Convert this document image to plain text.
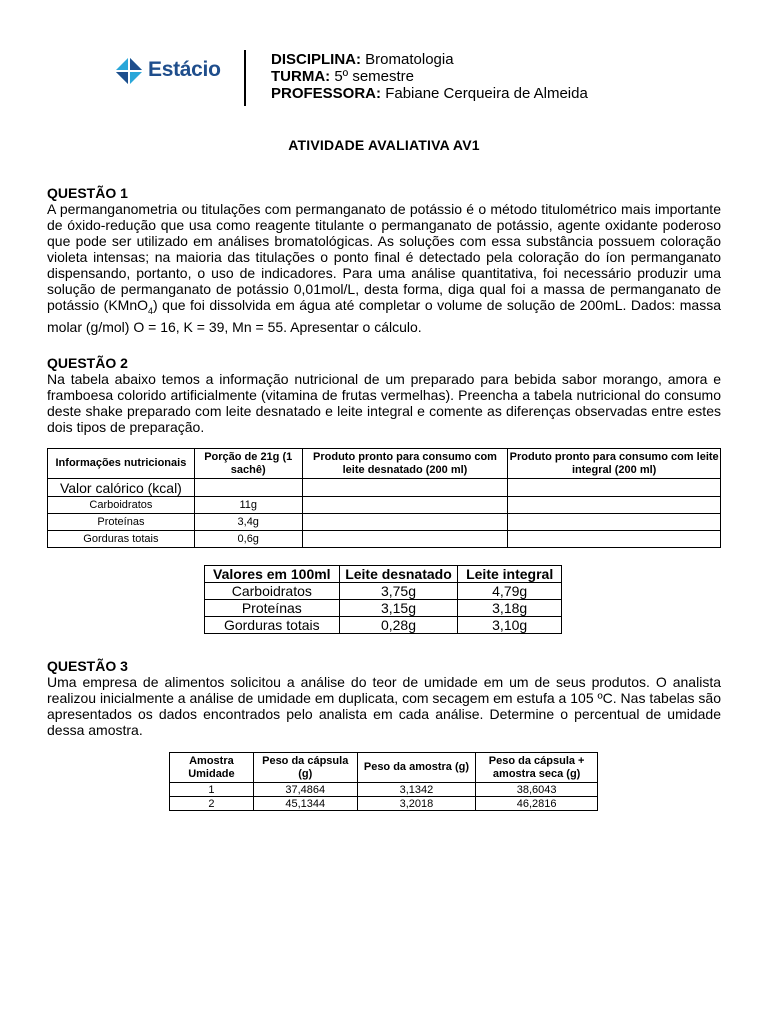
Estácio	DISCIPLINA: Bromatologia
TURMA: 5º semestre
PROFESSORA: Fabiane Cerqueira de Almeida
ATIVIDADE AVALIATIVA AV1
QUESTÃO 1
A permanganometria ou titulações com permanganato de potássio é o método titulométrico mais importante de óxido-redução que usa como reagente titulante o permanganato de potássio, agente oxidante poderoso que pode ser utilizado em análises bromatológicas. As soluções com essa substância possuem coloração violeta intensas; na maioria das titulações o ponto final é detectado pela coloração do íon permanganato dispensando, portanto, o uso de indicadores. Para uma análise quantitativa, foi necessário produzir uma solução de permanganato de potássio 0,01mol/L, desta forma, diga qual foi a massa de permanganato de potássio (KMnO$_4$) que foi dissolvida em água até completar o volume de solução de 200mL. Dados: massa molar (g/mol) O = 16, K = 39, Mn = 55. Apresentar o cálculo.
QUESTÃO 2
Na tabela abaixo temos a informação nutricional de um preparado para bebida sabor morango, amora e framboesa colorido artificialmente (vitamina de frutas vermelhas). Preencha a tabela nutricional do consumo deste shake preparado com leite desnatado e leite integral e comente as diferenças observadas entre estes dois tipos de preparação.
Informações nutricionais	Porção de 21g (1 sachê)	Produto pronto para consumo com leite desnatado (200 ml)	Produto pronto para consumo com leite integral (200 ml)
Valor calórico (kcal)			
Carboidratos	11g		
Proteínas	3,4g		
Gorduras totais	0,6g		
Valores em 100ml	Leite desnatado	Leite integral
Carboidratos	3,75g	4,79g
Proteínas	3,15g	3,18g
Gorduras totais	0,28g	3,10g
QUESTÃO 3
Uma empresa de alimentos solicitou a análise do teor de umidade em um de seus produtos. O analista realizou inicialmente a análise de umidade em duplicata, com secagem em estufa a 105 ºC. Nas tabelas são apresentados os dados encontrados pelo analista em cada análise. Determine o percentual de umidade dessa amostra.
Amostra Umidade	Peso da cápsula (g)	Peso da amostra (g)	Peso da cápsula + amostra seca (g)
1	37,4864	3,1342	38,6043
2	45,1344	3,2018	46,2816
